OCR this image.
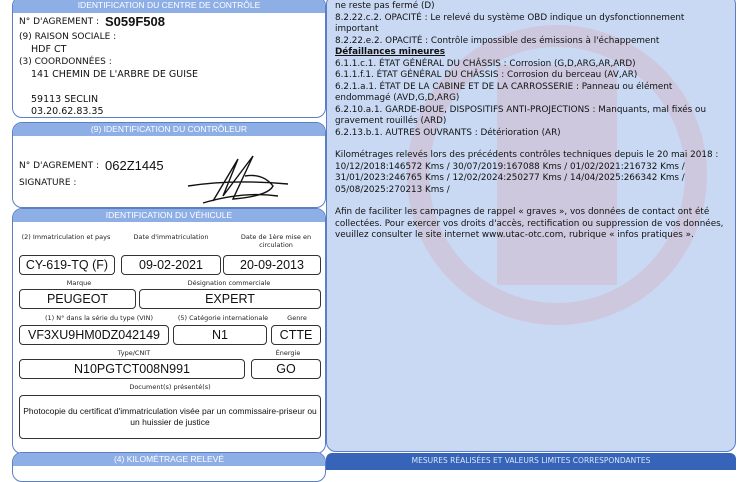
IDENTIFICATION DU CENTRE DE CONTRÔLE
N° D'AGREMENT : S059F508
(9) RAISON SOCIALE :
HDF CT
(3) COORDONNÉES :
141 CHEMIN DE L'ARBRE DE GUISE
59113 SECLIN
03.20.62.83.35
(9) IDENTIFICATION DU CONTRÔLEUR
N° D'AGREMENT : 062Z1445
SIGNATURE :
IDENTIFICATION DU VÉHICULE
(2) Immatriculation et pays	Date d'immatriculation	Date de 1ère mise en circulation
CY-619-TQ (F)	09-02-2021	20-09-2013
Marque	Désignation commerciale
PEUGEOT	EXPERT
(1) N° dans la série du type (VIN)	(5) Catégorie internationale	Genre
VF3XU9HM0DZ042149	N1	CTTE
Type/CNIT	Énergie
N10PGTCT008N991	GO
Document(s) présenté(s)
Photocopie du certificat d'immatriculation visée par un commissaire-priseur ou un huissier de justice
(4) KILOMÉTRAGE RELEVÉ

ne reste pas fermé (D)

8.2.22.c.2. OPACITÉ : Le relevé du système OBD indique un dysfonctionnement important

8.2.22.e.2. OPACITÉ : Contrôle impossible des émissions à l'échappement

Défaillances mineures

6.1.1.c.1. ÉTAT GÉNÉRAL DU CHÂSSIS : Corrosion (G,D,ARG,AR,ARD)

6.1.1.f.1. ÉTAT GÉNÉRAL DU CHÂSSIS : Corrosion du berceau (AV,AR)

6.2.1.a.1. ÉTAT DE LA CABINE ET DE LA CARROSSERIE : Panneau ou élément endommagé (AVD,G,D,ARG)

6.2.10.a.1. GARDE-BOUE, DISPOSITIFS ANTI-PROJECTIONS : Manquants, mal fixés ou gravement rouillés (ARD)

6.2.13.b.1. AUTRES OUVRANTS : Détérioration (AR)

Kilométrages relevés lors des précédents contrôles techniques depuis le 20 mai 2018 : 10/12/2018:146572 Kms / 30/07/2019:167088 Kms / 01/02/2021:216732 Kms / 31/01/2023:246765 Kms / 12/02/2024:250277 Kms / 14/04/2025:266342 Kms / 05/08/2025:270213 Kms /

Afin de faciliter les campagnes de rappel « graves », vos données de contact ont été collectées. Pour exercer vos droits d'accès, rectification ou suppression de vos données, veuillez consulter le site internet www.utac-otc.com, rubrique « infos pratiques ».

MESURES RÉALISÉES ET VALEURS LIMITES CORRESPONDANTES
